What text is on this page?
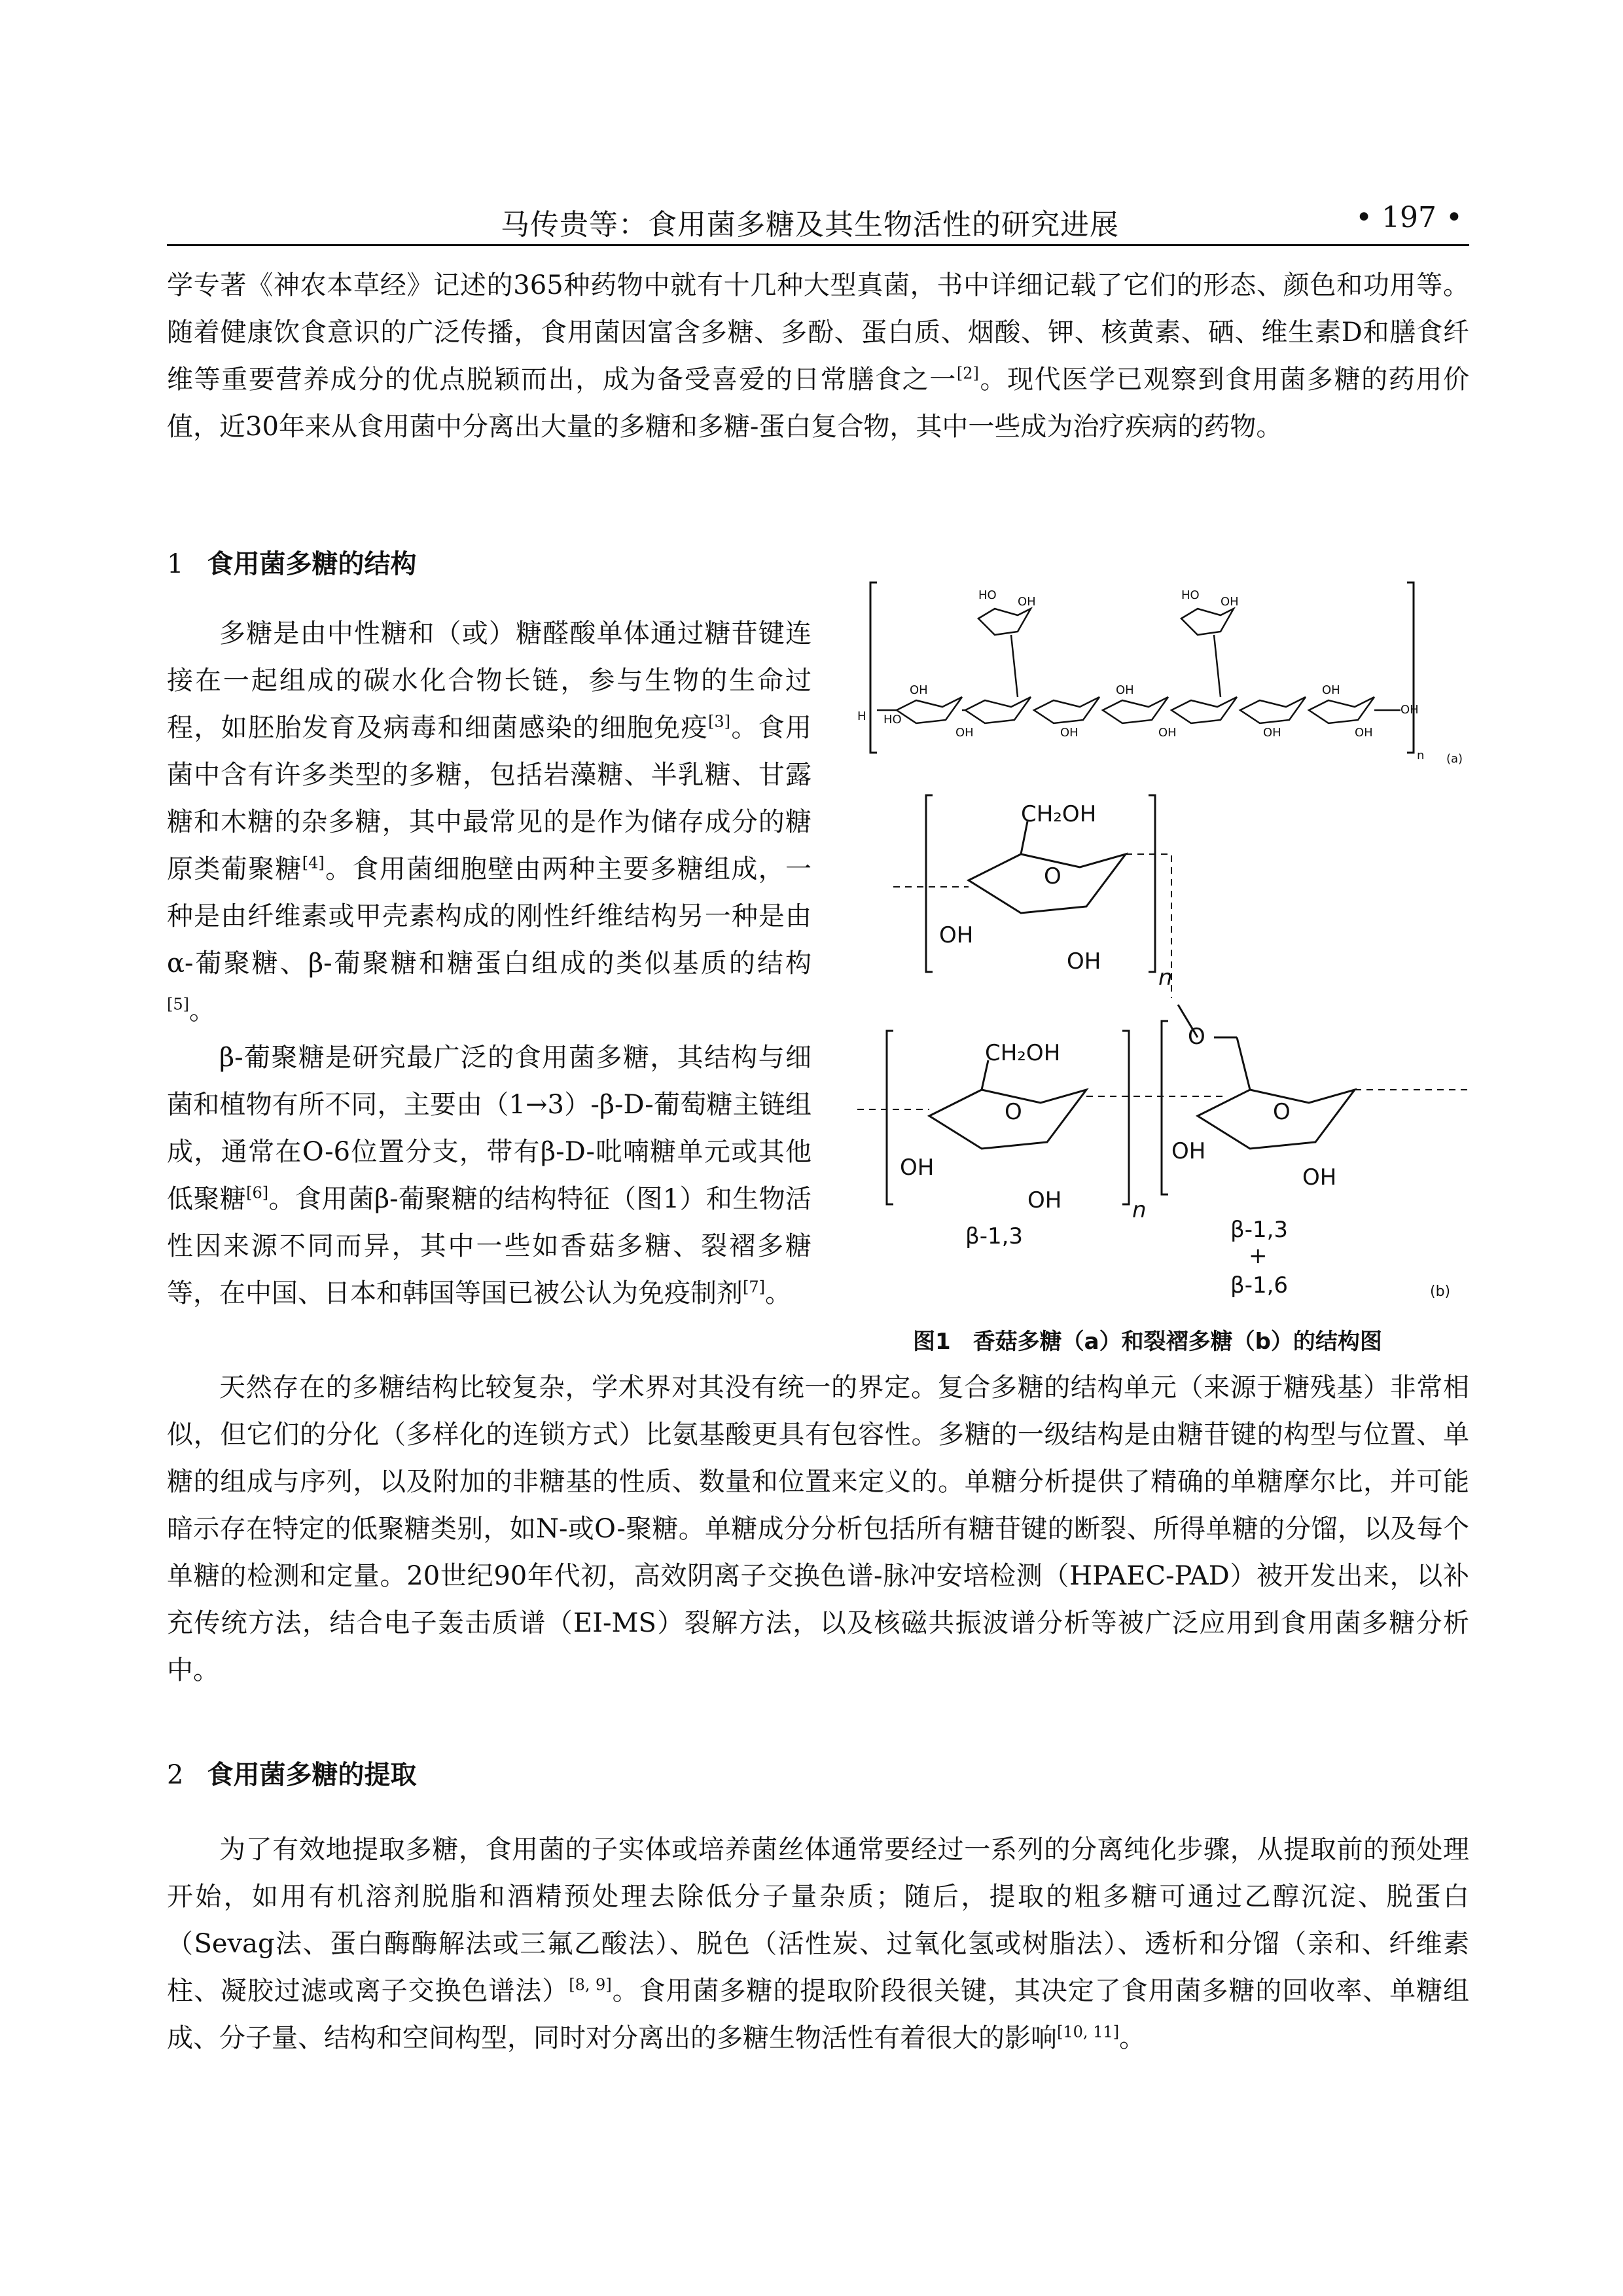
马传贵等：食用菌多糖及其生物活性的研究进展	• 197 •

学专著《神农本草经》记述的365种药物中就有十几种大型真菌，书中详细记载了它们的形态、颜色和功用等。随着健康饮食意识的广泛传播，食用菌因富含多糖、多酚、蛋白质、烟酸、钾、核黄素、硒、维生素D和膳食纤维等重要营养成分的优点脱颖而出，成为备受喜爱的日常膳食之一[2]。现代医学已观察到食用菌多糖的药用价值，近30年来从食用菌中分离出大量的多糖和多糖-蛋白复合物，其中一些成为治疗疾病的药物。

1 食用菌多糖的结构

多糖是由中性糖和（或）糖醛酸单体通过糖苷键连接在一起组成的碳水化合物长链，参与生物的生命过程，如胚胎发育及病毒和细菌感染的细胞免疫[3]。食用菌中含有许多类型的多糖，包括岩藻糖、半乳糖、甘露糖和木糖的杂多糖，其中最常见的是作为储存成分的糖原类葡聚糖[4]。食用菌细胞壁由两种主要多糖组成，一种是由纤维素或甲壳素构成的刚性纤维结构另一种是由α-葡聚糖、β-葡聚糖和糖蛋白组成的类似基质的结构[5]。

β-葡聚糖是研究最广泛的食用菌多糖，其结构与细菌和植物有所不同，主要由（1→3）-β-D-葡萄糖主链组成，通常在O-6位置分支，带有β-D-吡喃糖单元或其他低聚糖[6]。食用菌β-葡聚糖的结构特征（图1）和生物活性因来源不同而异，其中一些如香菇多糖、裂褶多糖等，在中国、日本和韩国等国已被公认为免疫制剂[7]。

天然存在的多糖结构比较复杂，学术界对其没有统一的界定。复合多糖的结构单元（来源于糖残基）非常相似，但它们的分化（多样化的连锁方式）比氨基酸更具有包容性。多糖的一级结构是由糖苷键的构型与位置、单糖的组成与序列，以及附加的非糖基的性质、数量和位置来定义的。单糖分析提供了精确的单糖摩尔比，并可能暗示存在特定的低聚糖类别，如N-或O-聚糖。单糖成分分析包括所有糖苷键的断裂、所得单糖的分馏，以及每个单糖的检测和定量。20世纪90年代初，高效阴离子交换色谱-脉冲安培检测（HPAEC-PAD）被开发出来，以补充传统方法，结合电子轰击质谱（EI-MS）裂解方法，以及核磁共振波谱分析等被广泛应用到食用菌多糖分析中。

2 食用菌多糖的提取

为了有效地提取多糖，食用菌的子实体或培养菌丝体通常要经过一系列的分离纯化步骤，从提取前的预处理开始，如用有机溶剂脱脂和酒精预处理去除低分子量杂质；随后，提取的粗多糖可通过乙醇沉淀、脱蛋白（Sevag法、蛋白酶酶解法或三氟乙酸法）、脱色（活性炭、过氧化氢或树脂法）、透析和分馏（亲和、纤维素柱、凝胶过滤或离子交换色谱法）[8, 9]。食用菌多糖的提取阶段很关键，其决定了食用菌多糖的回收率、单糖组成、分子量、结构和空间构型，同时对分离出的多糖生物活性有着很大的影响[10, 11]。

HO OH	HO OH
OH	OH	OH
HO
OH	OH	OH	OH	OH
OH
H
n (a)
CH₂OH
O
OH
OH
n
CH₂OH
O
OH
OH	n
O
O
OH
OH
β-1,3	β-1,3
+
β-1,6	(b)
图1　香菇多糖（a）和裂褶多糖（b）的结构图
